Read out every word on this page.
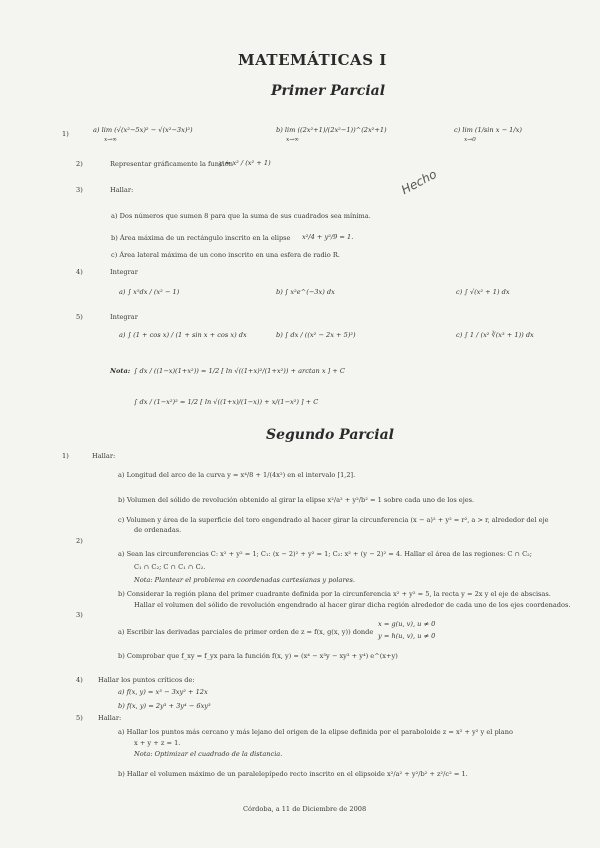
MATEMÁTICAS I
Primer Parcial
1)	a) lim (√(x²−5x)² − √(x²−3x)²)
x→∞
b) lim ((2x²+1)/(2x²−1))^(2x²+1)
x→∞
c) lim (1/sin x − 1/x)
x→0
2)	Representar gráficamente la función
y = x² / (x² + 1)
Hecho
3)	Hallar:
a) Dos números que sumen 8 para que la suma de sus cuadrados sea mínima.
b) Área máxima de un rectángulo inscrito en la elipse x²/4 + y²/9 = 1.
c) Área lateral máxima de un cono inscrito en una esfera de radio R.
4)	Integrar
a) ∫ x⁵dx / (x² − 1)	b) ∫ x²e^(−3x) dx	c) ∫ √(x² + 1) dx
5)	Integrar
a) ∫ (1 + cos x) / (1 + sin x + cos x) dx	b) ∫ dx / ((x² − 2x + 5)²)	c) ∫ 1 / (x² ∛(x³ + 1)) dx
Nota: ∫ dx / ((1−x)(1+x²)) = 1/2 [ ln √((1+x)²/(1+x²)) + arctan x ] + C
∫ dx / (1−x²)² = 1/2 [ ln √((1+x)/(1−x)) + x/(1−x²) ] + C
Segundo Parcial
1)	Hallar:
a) Longitud del arco de la curva y = x⁴/8 + 1/(4x²) en el intervalo [1,2].
b) Volumen del sólido de revolución obtenido al girar la elipse x²/a² + y²/b² = 1 sobre cada uno de los ejes.
c) Volumen y área de la superficie del toro engendrado al hacer girar la circunferencia (x − a)² + y² = r², a > r, alrededor del eje
de ordenadas.
2)
a) Sean las circunferencias C: x² + y² = 1; C₁: (x − 2)² + y² = 1; C₂: x² + (y − 2)² = 4. Hallar el área de las regiones: C ∩ C₂;
C₁ ∩ C₂; C ∩ C₁ ∩ C₂.
Nota: Plantear el problema en coordenadas cartesianas y polares.
b) Considerar la región plana del primer cuadrante definida por la circunferencia x² + y² = 5, la recta y = 2x y el eje de abscisas.
Hallar el volumen del sólido de revolución engendrado al hacer girar dicha región alrededor de cada uno de los ejes coordenados.
3)
a) Escribir las derivadas parciales de primer orden de z = f(x, g(x, y)) donde
x = g(u, v), u ≠ 0
y = h(u, v), u ≠ 0
b) Comprobar que f_xy = f_yx para la función f(x, y) = (x⁴ − x³y − xy³ + y⁴) e^(x+y)
4) Hallar los puntos críticos de:
a) f(x, y) = x³ − 3xy² + 12x
b) f(x, y) = 2y³ + 3y⁴ − 6xy³
5) Hallar:
a) Hallar los puntos más cercano y más lejano del origen de la elipse definida por el paraboloide z = x² + y² y el plano
x + y + z = 1.
Nota: Optimizar el cuadrado de la distancia.
b) Hallar el volumen máximo de un paralelepípedo recto inscrito en el elipsoide x²/a² + y²/b² + z²/c² = 1.
Córdoba, a 11 de Diciembre de 2008
